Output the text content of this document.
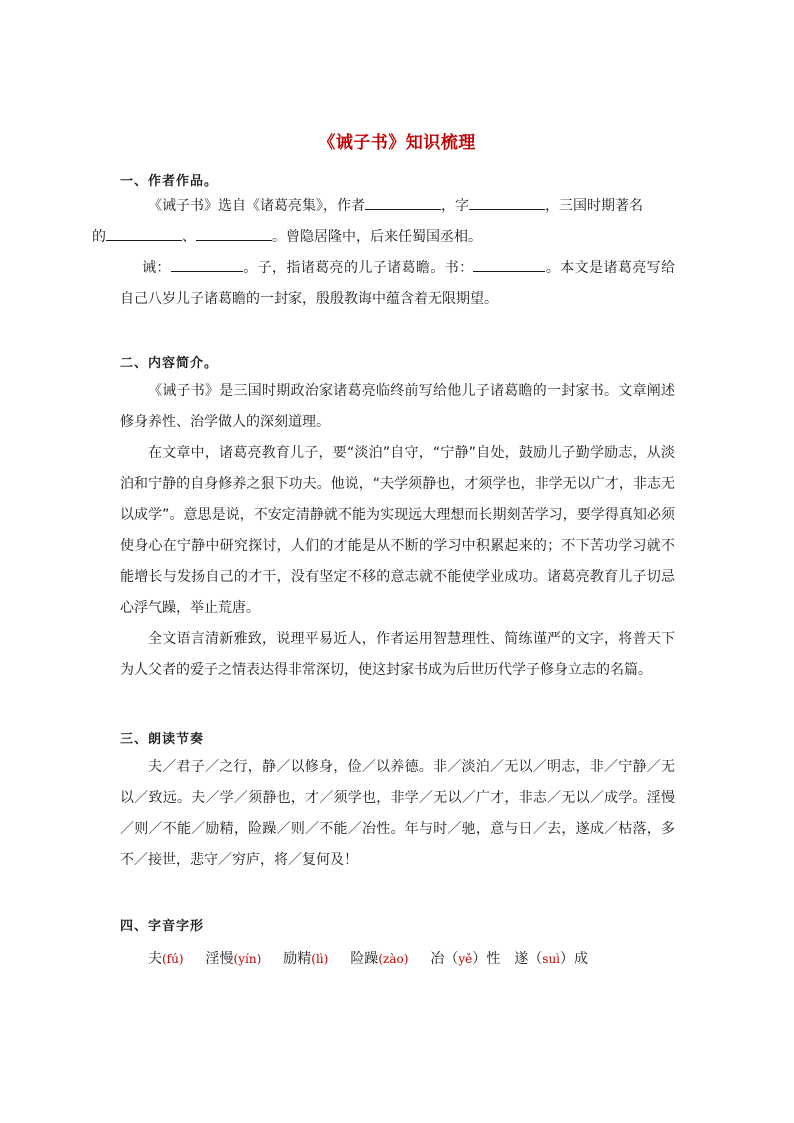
《诫子书》知识梳理
一、作者作品。
《诫子书》选自《诸葛亮集》，作者	，字	，三国时期著名
的	、	。曾隐居隆中，后来任蜀国丞相。
诫：	。子，指诸葛亮的儿子诸葛瞻。书：	。本文是诸葛亮写给自己八岁儿子诸葛瞻的一封家，殷殷教诲中蕴含着无限期望。
二、内容简介。
《诫子书》是三国时期政治家诸葛亮临终前写给他儿子诸葛瞻的一封家书。文章阐述修身养性、治学做人的深刻道理。
在文章中，诸葛亮教育儿子，要“淡泊”自守，“宁静”自处，鼓励儿子勤学励志，从淡泊和宁静的自身修养之狠下功夫。他说，“夫学须静也，才须学也，非学无以广才，非志无以成学”。意思是说，不安定清静就不能为实现远大理想而长期刻苦学习，要学得真知必须使身心在宁静中研究探讨，人们的才能是从不断的学习中积累起来的；不下苦功学习就不能增长与发扬自己的才干，没有坚定不移的意志就不能使学业成功。诸葛亮教育儿子切忌心浮气躁，举止荒唐。
全文语言清新雅致，说理平易近人，作者运用智慧理性、简练谨严的文字，将普天下为人父者的爱子之情表达得非常深切，使这封家书成为后世历代学子修身立志的名篇。
三、朗读节奏
夫／君子／之行，静／以修身，俭／以养德。非／淡泊／无以／明志，非／宁静／无以／致远。夫／学／须静也，才／须学也，非学／无以／广才，非志／无以／成学。淫慢／则／不能／励精，险躁／则／不能／冶性。年与时／驰，意与日／去，遂成／枯落，多不／接世，悲守／穷庐，将／复何及！
四、字音字形
夫(fú) 淫慢(yín) 励精(lì) 险躁(zào) 冶（yě）性 遂（suì）成
